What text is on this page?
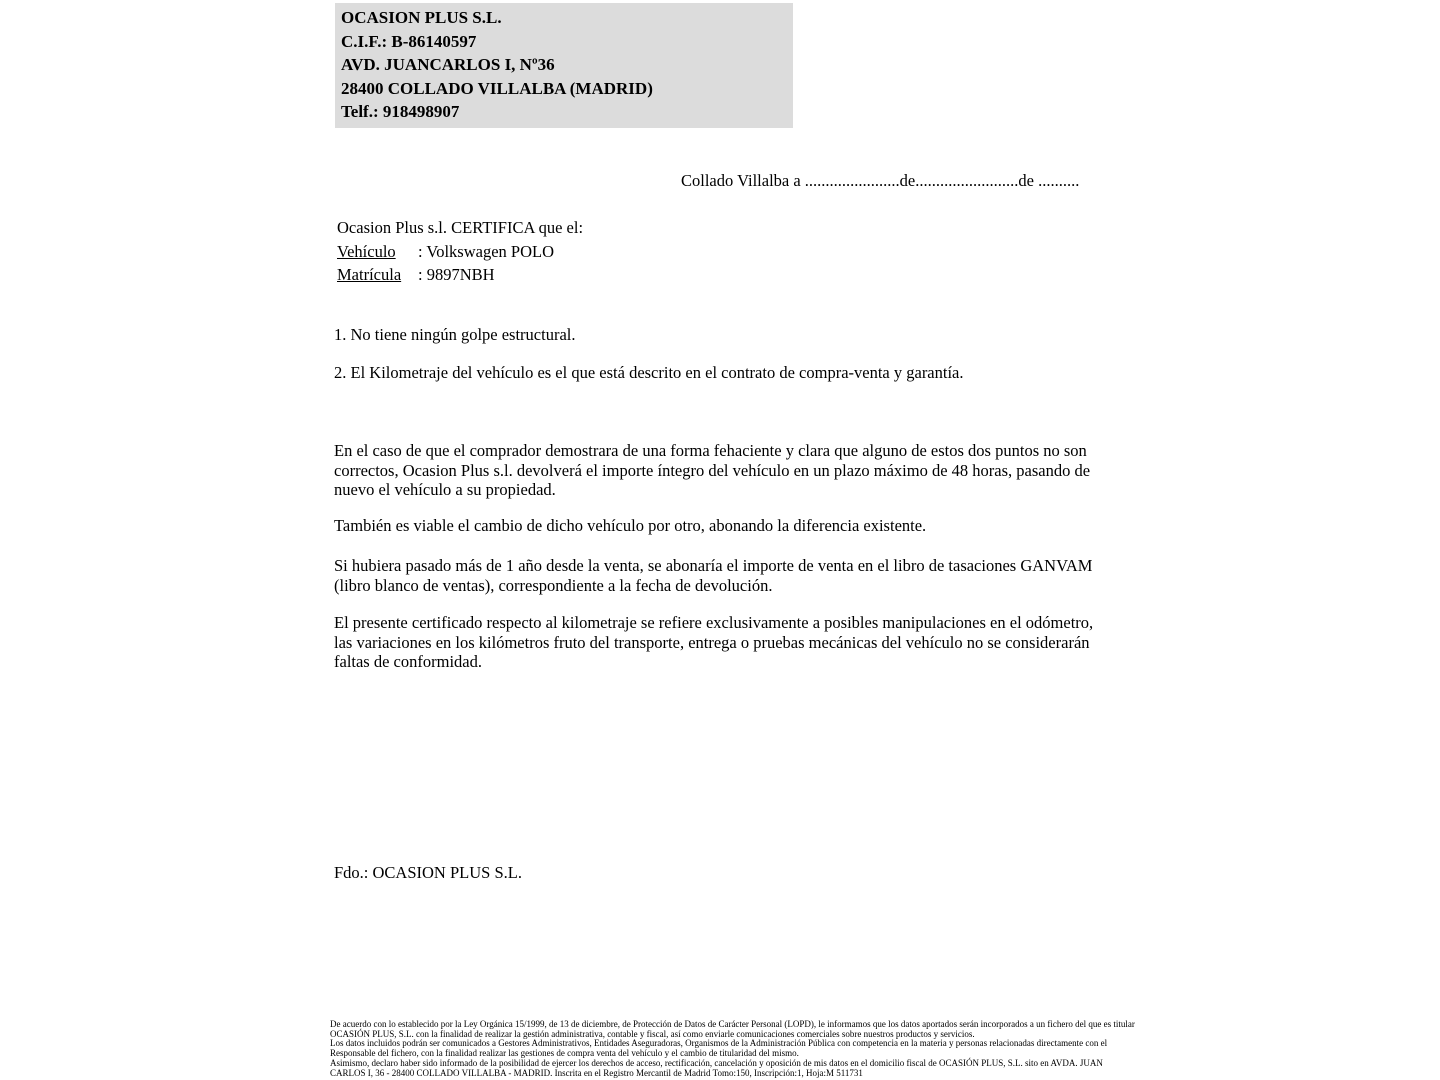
OCASION PLUS S.L.
C.I.F.: B-86140597
AVD. JUANCARLOS I, Nº36
28400 COLLADO VILLALBA (MADRID)
Telf.: 918498907
Collado Villalba a .......................de.........................de ..........
Ocasion Plus s.l. CERTIFICA que el:
Vehículo	: Volkswagen POLO
Matrícula	: 9897NBH
1. No tiene ningún golpe estructural.
2. El Kilometraje del vehículo es el que está descrito en el contrato de compra-venta y garantía.
En el caso de que el comprador demostrara de una forma fehaciente y clara que alguno de estos dos puntos no son correctos, Ocasion Plus s.l. devolverá el importe íntegro del vehículo en un plazo máximo de 48 horas, pasando de nuevo el vehículo a su propiedad.
También es viable el cambio de dicho vehículo por otro, abonando la diferencia existente.
Si hubiera pasado más de 1 año desde la venta, se abonaría el importe de venta en el libro de tasaciones GANVAM (libro blanco de ventas), correspondiente a la fecha de devolución.
El presente certificado respecto al kilometraje se refiere exclusivamente a posibles manipulaciones en el odómetro, las variaciones en los kilómetros fruto del transporte, entrega o pruebas mecánicas del vehículo no se considerarán faltas de conformidad.
Fdo.: OCASION PLUS S.L.
De acuerdo con lo establecido por la Ley Orgánica 15/1999, de 13 de diciembre, de Protección de Datos de Carácter Personal (LOPD), le informamos que los datos aportados serán incorporados a un fichero del que es titular
OCASIÓN PLUS, S.L. con la finalidad de realizar la gestión administrativa, contable y fiscal, así como enviarle comunicaciones comerciales sobre nuestros productos y servicios.
Los datos incluidos podrán ser comunicados a Gestores Administrativos, Entidades Aseguradoras, Organismos de la Administración Pública con competencia en la materia y personas relacionadas directamente con el
Responsable del fichero, con la finalidad realizar las gestiones de compra venta del vehículo y el cambio de titularidad del mismo.
Asimismo, declaro haber sido informado de la posibilidad de ejercer los derechos de acceso, rectificación, cancelación y oposición de mis datos en el domicilio fiscal de OCASIÓN PLUS, S.L. sito en AVDA. JUAN
CARLOS I, 36 - 28400 COLLADO VILLALBA - MADRID. Inscrita en el Registro Mercantil de Madrid Tomo:150, Inscripción:1, Hoja:M 511731
